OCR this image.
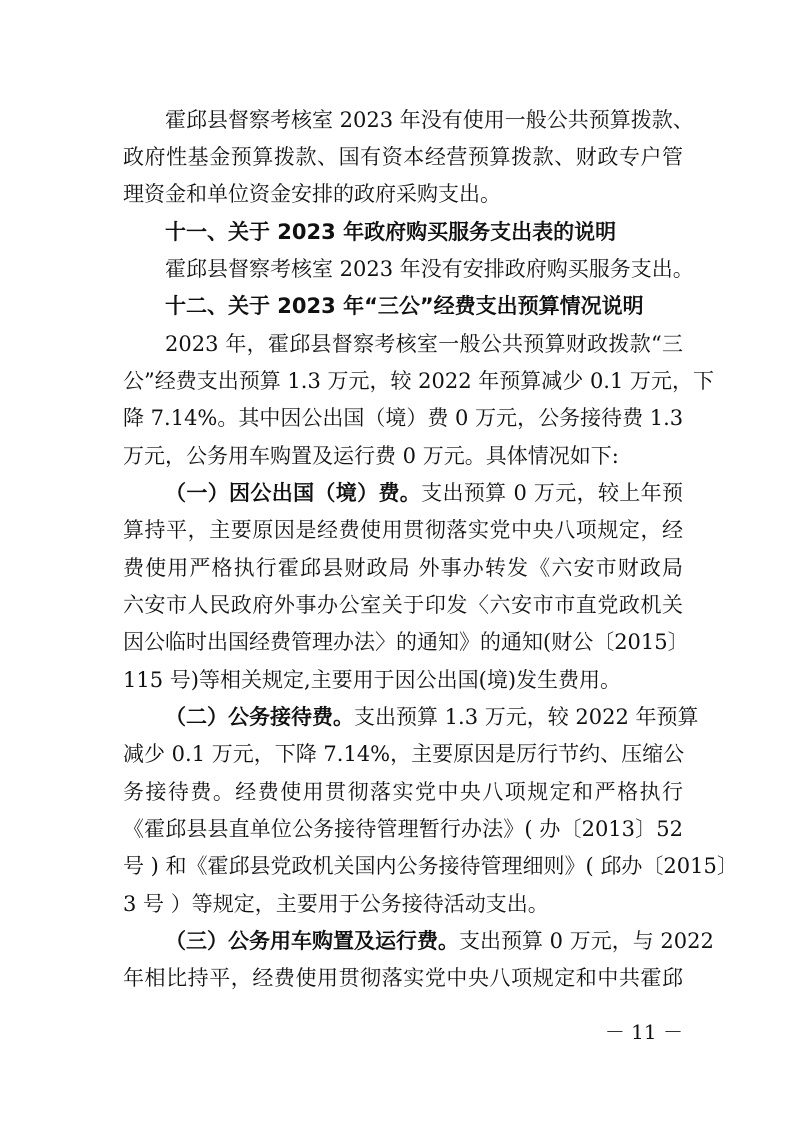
霍邱县督察考核室 2023 年没有使用一般公共预算拨款、
政府性基金预算拨款、国有资本经营预算拨款、财政专户管
理资金和单位资金安排的政府采购支出。
十一、关于 2023 年政府购买服务支出表的说明
霍邱县督察考核室 2023 年没有安排政府购买服务支出。
十二、关于 2023 年“三公”经费支出预算情况说明
2023 年，霍邱县督察考核室一般公共预算财政拨款“三
公”经费支出预算 1.3 万元，较 2022 年预算减少 0.1 万元，下
降 7.14%。其中因公出国（境）费 0 万元，公务接待费 1.3
万元，公务用车购置及运行费 0 万元。具体情况如下:
（一）因公出国（境）费。支出预算 0 万元，较上年预
算持平，主要原因是经费使用贯彻落实党中央八项规定，经
费使用严格执行霍邱县财政局 外事办转发《六安市财政局
六安市人民政府外事办公室关于印发〈六安市市直党政机关
因公临时出国经费管理办法〉的通知》的通知(财公〔2015〕
115 号)等相关规定,主要用于因公出国(境)发生费用。
（二）公务接待费。支出预算 1.3 万元，较 2022 年预算
减少 0.1 万元，下降 7.14%，主要原因是厉行节约、压缩公
务接待费。经费使用贯彻落实党中央八项规定和严格执行
《霍邱县县直单位公务接待管理暂行办法》( 办〔2013〕52
号 ) 和《霍邱县党政机关国内公务接待管理细则》( 邱办〔2015〕
3 号 ）等规定，主要用于公务接待活动支出。
（三）公务用车购置及运行费。支出预算 0 万元，与 2022
年相比持平，经费使用贯彻落实党中央八项规定和中共霍邱
－ 11 －
